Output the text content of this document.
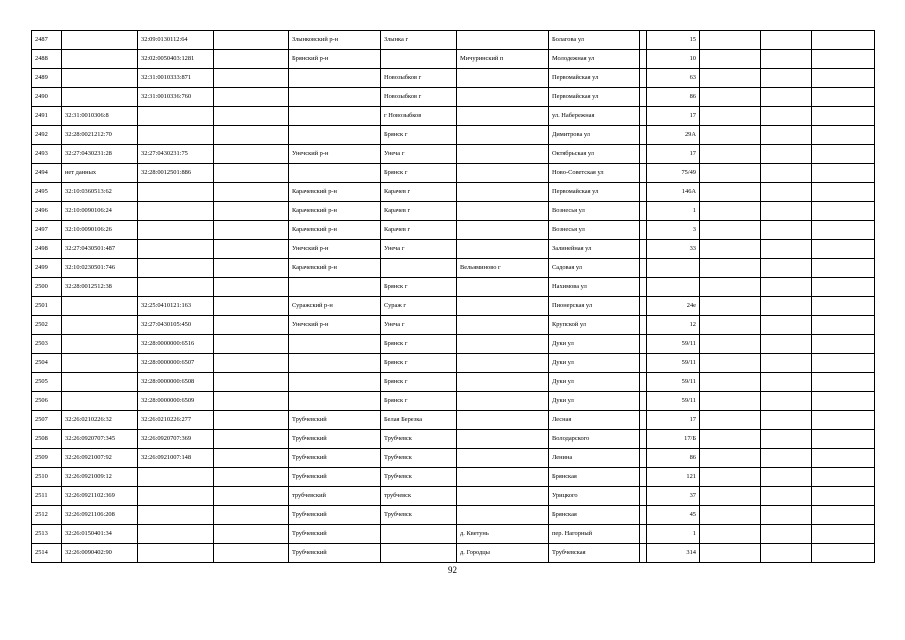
2487		32:09:0130112:64		Злынковский р-н	Злынка г		Болагова ул		15			
2488		32:02:0050403:1281		Брянский р-н		Мичуринский п	Молодежная ул		10			
2489		32:31:0010333:871			Новозыбков г		Первомайская ул		63			
2490		32:31:0010336:760			Новозыбков г		Первомайская ул		86			
2491	32:31:0010306:8				г Новозыбков		ул. Набережная		17			
2492	32:28:0021212:70				Брянск г		Димитрова ул		29А			
2493	32:27:0430231:28	32:27:0430231:75		Унечский р-н	Унеча г		Октябрьская ул		17			
2494	нет данных	32:28:0012501:886			Брянск г		Ново-Советская ул		75/49			
2495	32:10:0360513:62			Карачевский р-н	Карачев г		Первомайская ул		146А			
2496	32:10:0090106:24			Карачевский р-н	Карачев г		Вознесья ул		1			
2497	32:10:0090106:26			Карачевский р-н	Карачев г		Вознесья ул		3			
2498	32:27:0430501:487			Унечский р-н	Унеча г		Залинейная ул		33			
2499	32:10:0230501:746			Карачевский р-н		Вельяминово г	Садовая ул					
2500	32:28:0012512:38				Брянск г		Нахимова ул					
2501		32:25:0410121:163		Суражский р-н	Сураж г		Пионерская ул		24е			
2502		32:27:0430105:450		Унечский р-н	Унеча г		Крупской ул		12			
2503		32:28:0000000:6516			Брянск г		Дуки ул		59/11			
2504		32:28:0000000:6507			Брянск г		Дуки ул		59/11			
2505		32:28:0000000:6508			Брянск г		Дуки ул		59/11			
2506		32:28:0000000:6509			Брянск г		Дуки ул		59/11			
2507	32:26:0210226:32	32:26:0210226:277		Трубчевский	Белая Березка		Лесная		17			
2508	32:26:0920707:345	32:26:0920707:369		Трубчевский	Трубчевск		Володарского		17/Б			
2509	32:26:0921007:92	32:26:0921007:148		Трубчевский	Трубчевск		Ленина		86			
2510	32:26:0921009:12			Трубчевский	Трубчевск		Брянская		121			
2511	32:26:0921102:369			трубчевский	трубчевск		Урицкого		37			
2512	32:26:0921106:208			Трубчевский	Трубчевск		Брянская		45			
2513	32:26:0150401:34			Трубчевский		д. Кветунь	пер. Нагорный		1			
2514	32:26:0090402:90			Трубчевский		д. Городцы	Трубчевская		314			
92
